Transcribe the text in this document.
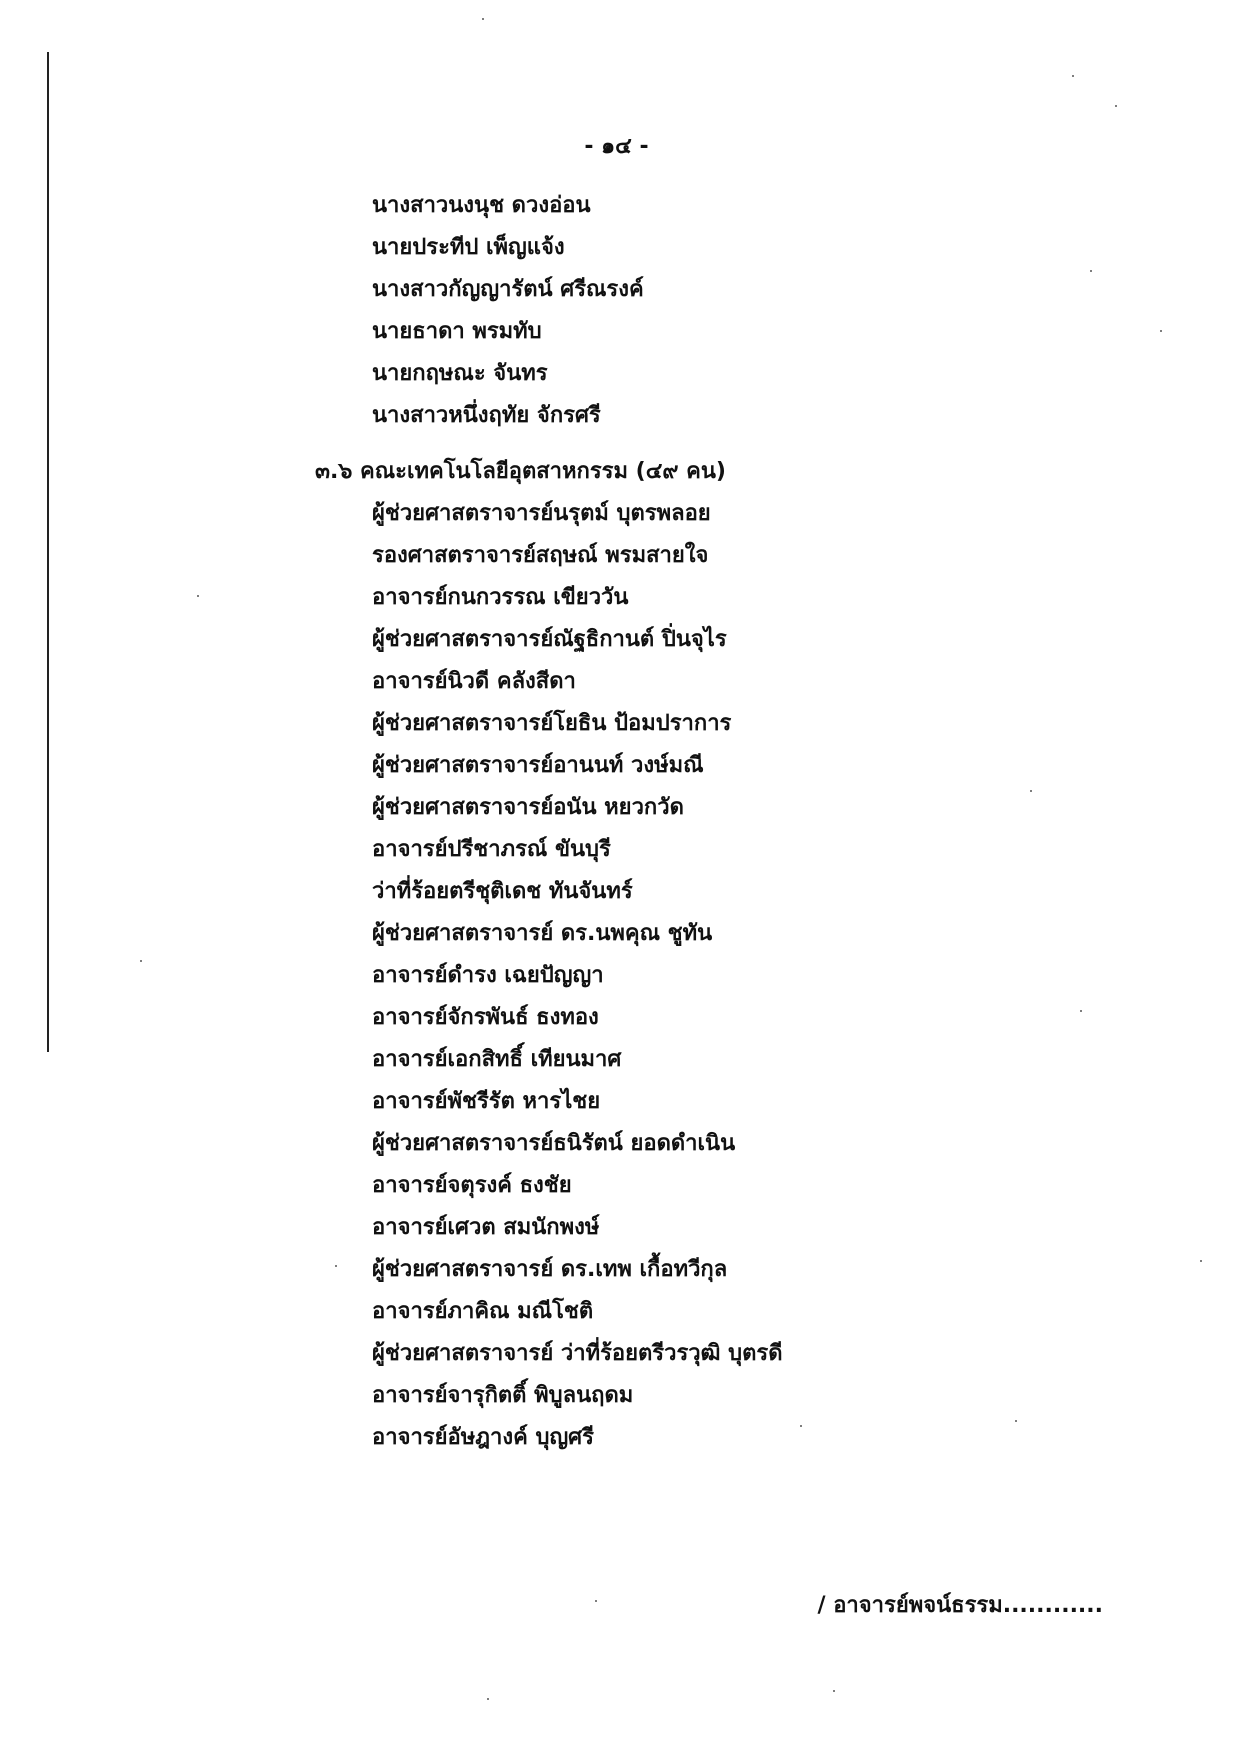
- ๑๔ -
นางสาวนงนุช ดวงอ่อน
นายประทีป เพ็ญแจ้ง
นางสาวกัญญารัตน์ ศรีณรงค์
นายธาดา พรมทับ
นายกฤษณะ จันทร
นางสาวหนึ่งฤทัย จักรศรี
๓.๖ คณะเทคโนโลยีอุตสาหกรรม (๔๙ คน)
ผู้ช่วยศาสตราจารย์นรุตม์ บุตรพลอย
รองศาสตราจารย์สฤษณ์ พรมสายใจ
อาจารย์กนกวรรณ เขียววัน
ผู้ช่วยศาสตราจารย์ณัฐธิกานต์ ปิ่นจุไร
อาจารย์นิวดี คลังสีดา
ผู้ช่วยศาสตราจารย์โยธิน ป้อมปราการ
ผู้ช่วยศาสตราจารย์อานนท์ วงษ์มณี
ผู้ช่วยศาสตราจารย์อนัน หยวกวัด
อาจารย์ปรีชาภรณ์ ขันบุรี
ว่าที่ร้อยตรีชุติเดช ทันจันทร์
ผู้ช่วยศาสตราจารย์ ดร.นพคุณ ชูทัน
อาจารย์ดำรง เฉยปัญญา
อาจารย์จักรพันธ์ ธงทอง
อาจารย์เอกสิทธิ์ เทียนมาศ
อาจารย์พัชรีรัต หารไชย
ผู้ช่วยศาสตราจารย์ธนิรัตน์ ยอดดำเนิน
อาจารย์จตุรงค์ ธงชัย
อาจารย์เศวต สมนักพงษ์
ผู้ช่วยศาสตราจารย์ ดร.เทพ เกื้อทวีกุล
อาจารย์ภาคิณ มณีโชติ
ผู้ช่วยศาสตราจารย์ ว่าที่ร้อยตรีวรวุฒิ บุตรดี
อาจารย์จารุกิตติ์ พิบูลนฤดม
อาจารย์อัษฎางค์ บุญศรี
/ อาจารย์พจน์ธรรม............
